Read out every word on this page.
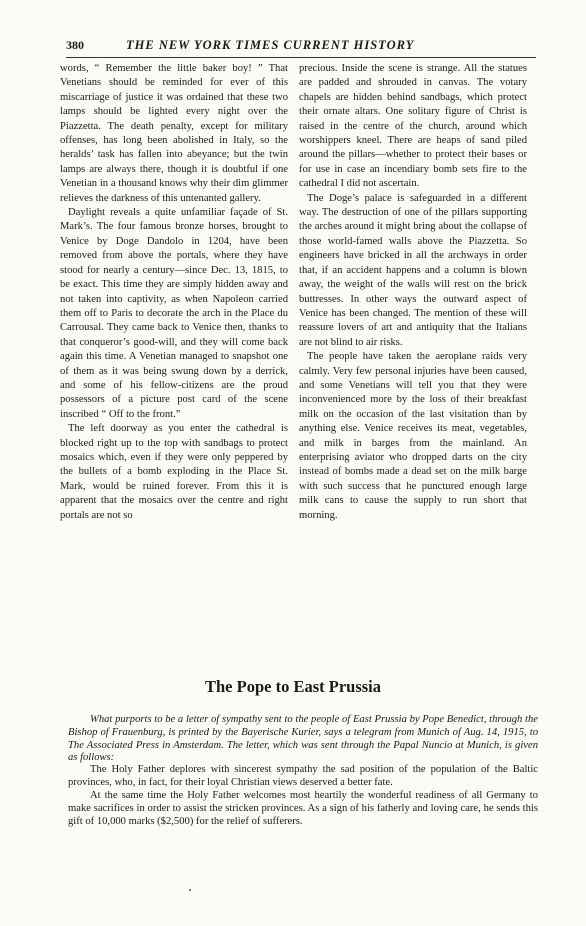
380	THE NEW YORK TIMES CURRENT HISTORY

words, “ Remember the little baker boy! ” That Venetians should be reminded for ever of this miscarriage of justice it was ordained that these two lamps should be lighted every night over the Piazzetta. The death penalty, except for military offenses, has long been abolished in Italy, so the heralds’ task has fallen into abeyance; but the twin lamps are always there, though it is doubtful if one Venetian in a thousand knows why their dim glimmer relieves the darkness of this untenanted gallery.

Daylight reveals a quite unfamiliar façade of St. Mark’s. The four famous bronze horses, brought to Venice by Doge Dandolo in 1204, have been removed from above the portals, where they have stood for nearly a century—since Dec. 13, 1815, to be exact. This time they are simply hidden away and not taken into captivity, as when Napoleon carried them off to Paris to decorate the arch in the Place du Carrousal. They came back to Venice then, thanks to that conqueror’s good-will, and they will come back again this time. A Venetian managed to snapshot one of them as it was being swung down by a derrick, and some of his fellow-citizens are the proud possessors of a picture post card of the scene inscribed “ Off to the front.”

The left doorway as you enter the cathedral is blocked right up to the top with sandbags to protect mosaics which, even if they were only peppered by the bullets of a bomb exploding in the Place St. Mark, would be ruined forever. From this it is apparent that the mosaics over the centre and right portals are not so

precious. Inside the scene is strange. All the statues are padded and shrouded in canvas. The votary chapels are hidden behind sandbags, which protect their ornate altars. One solitary figure of Christ is raised in the centre of the church, around which worshippers kneel. There are heaps of sand piled around the pillars—whether to protect their bases or for use in case an incendiary bomb sets fire to the cathedral I did not ascertain.

The Doge’s palace is safeguarded in a different way. The destruction of one of the pillars supporting the arches around it might bring about the collapse of those world-famed walls above the Piazzetta. So engineers have bricked in all the archways in order that, if an accident happens and a column is blown away, the weight of the walls will rest on the brick buttresses. In other ways the outward aspect of Venice has been changed. The mention of these will reassure lovers of art and antiquity that the Italians are not blind to air risks.

The people have taken the aeroplane raids very calmly. Very few personal injuries have been caused, and some Venetians will tell you that they were inconvenienced more by the loss of their breakfast milk on the occasion of the last visitation than by anything else. Venice receives its meat, vegetables, and milk in barges from the mainland. An enterprising aviator who dropped darts on the city instead of bombs made a dead set on the milk barge with such success that he punctured enough large milk cans to cause the supply to run short that morning.

The Pope to East Prussia

What purports to be a letter of sympathy sent to the people of East Prussia by Pope Benedict, through the Bishop of Frauenburg, is printed by the Bayerische Kurier, says a telegram from Munich of Aug. 14, 1915, to The Associated Press in Amsterdam. The letter, which was sent through the Papal Nuncio at Munich, is given as follows:

The Holy Father deplores with sincerest sympathy the sad position of the population of the Baltic provinces, who, in fact, for their loyal Christian views deserved a better fate.

At the same time the Holy Father welcomes most heartily the wonderful readiness of all Germany to make sacrifices in order to assist the stricken provinces. As a sign of his fatherly and loving care, he sends this gift of 10,000 marks ($2,500) for the relief of sufferers.
